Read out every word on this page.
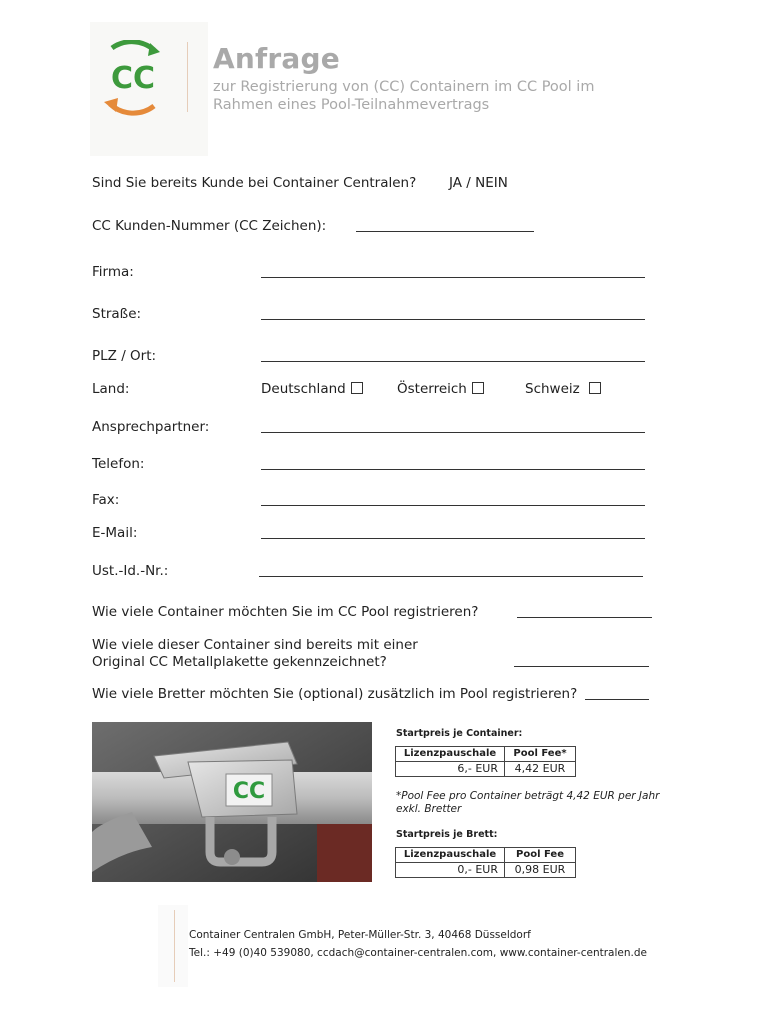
CC
Anfrage
zur Registrierung von (CC) Containern im CC Pool im
Rahmen eines Pool-Teilnahmevertrags
Sind Sie bereits Kunde bei Container Centralen? JA / NEIN
CC Kunden-Nummer (CC Zeichen):
Firma:
Straße:
PLZ / Ort:
Land:	Deutschland	Österreich	Schweiz
Ansprechpartner:
Telefon:
Fax:
E-Mail:
Ust.-Id.-Nr.:
Wie viele Container möchten Sie im CC Pool registrieren?
Wie viele dieser Container sind bereits mit einer
Original CC Metallplakette gekennzeichnet?
Wie viele Bretter möchten Sie (optional) zusätzlich im Pool registrieren?
CC
Startpreis je Container:
Lizenzpauschale	Pool Fee*
6,- EUR	4,42 EUR
*Pool Fee pro Container beträgt 4,42 EUR per Jahr
exkl. Bretter
Startpreis je Brett:
Lizenzpauschale	Pool Fee
0,- EUR	0,98 EUR
Container Centralen GmbH, Peter-Müller-Str. 3, 40468 Düsseldorf
Tel.: +49 (0)40 539080, ccdach@container-centralen.com, www.container-centralen.de
